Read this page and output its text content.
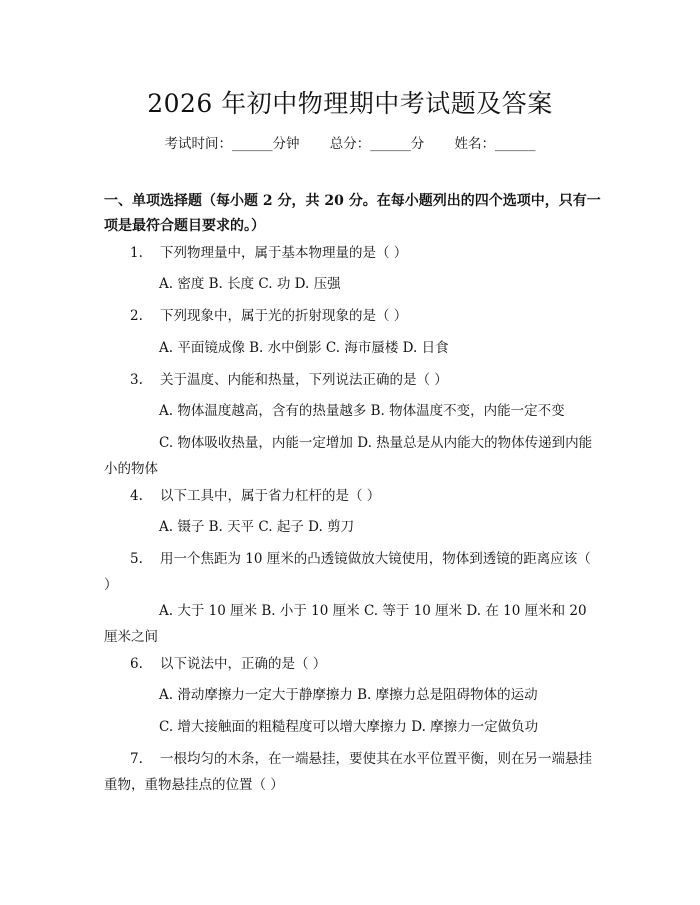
2026 年初中物理期中考试题及答案
考试时间：______分钟 总分：______分 姓名：______

一、单项选择题（每小题 2 分，共 20 分。在每小题列出的四个选项中，只有一项是最符合题目要求的。）

1. 下列物理量中，属于基本物理量的是（ ）
A. 密度 B. 长度 C. 功 D. 压强
2. 下列现象中，属于光的折射现象的是（ ）
A. 平面镜成像 B. 水中倒影 C. 海市蜃楼 D. 日食
3. 关于温度、内能和热量，下列说法正确的是（ ）
A. 物体温度越高，含有的热量越多 B. 物体温度不变，内能一定不变
C. 物体吸收热量，内能一定增加 D. 热量总是从内能大的物体传递到内能小的物体
4. 以下工具中，属于省力杠杆的是（ ）
A. 镊子 B. 天平 C. 起子 D. 剪刀
5. 用一个焦距为 10 厘米的凸透镜做放大镜使用，物体到透镜的距离应该（ ）
A. 大于 10 厘米 B. 小于 10 厘米 C. 等于 10 厘米 D. 在 10 厘米和 20 厘米之间
6. 以下说法中，正确的是（ ）
A. 滑动摩擦力一定大于静摩擦力 B. 摩擦力总是阻碍物体的运动
C. 增大接触面的粗糙程度可以增大摩擦力 D. 摩擦力一定做负功
7. 一根均匀的木条，在一端悬挂，要使其在水平位置平衡，则在另一端悬挂重物，重物悬挂点的位置（ ）
